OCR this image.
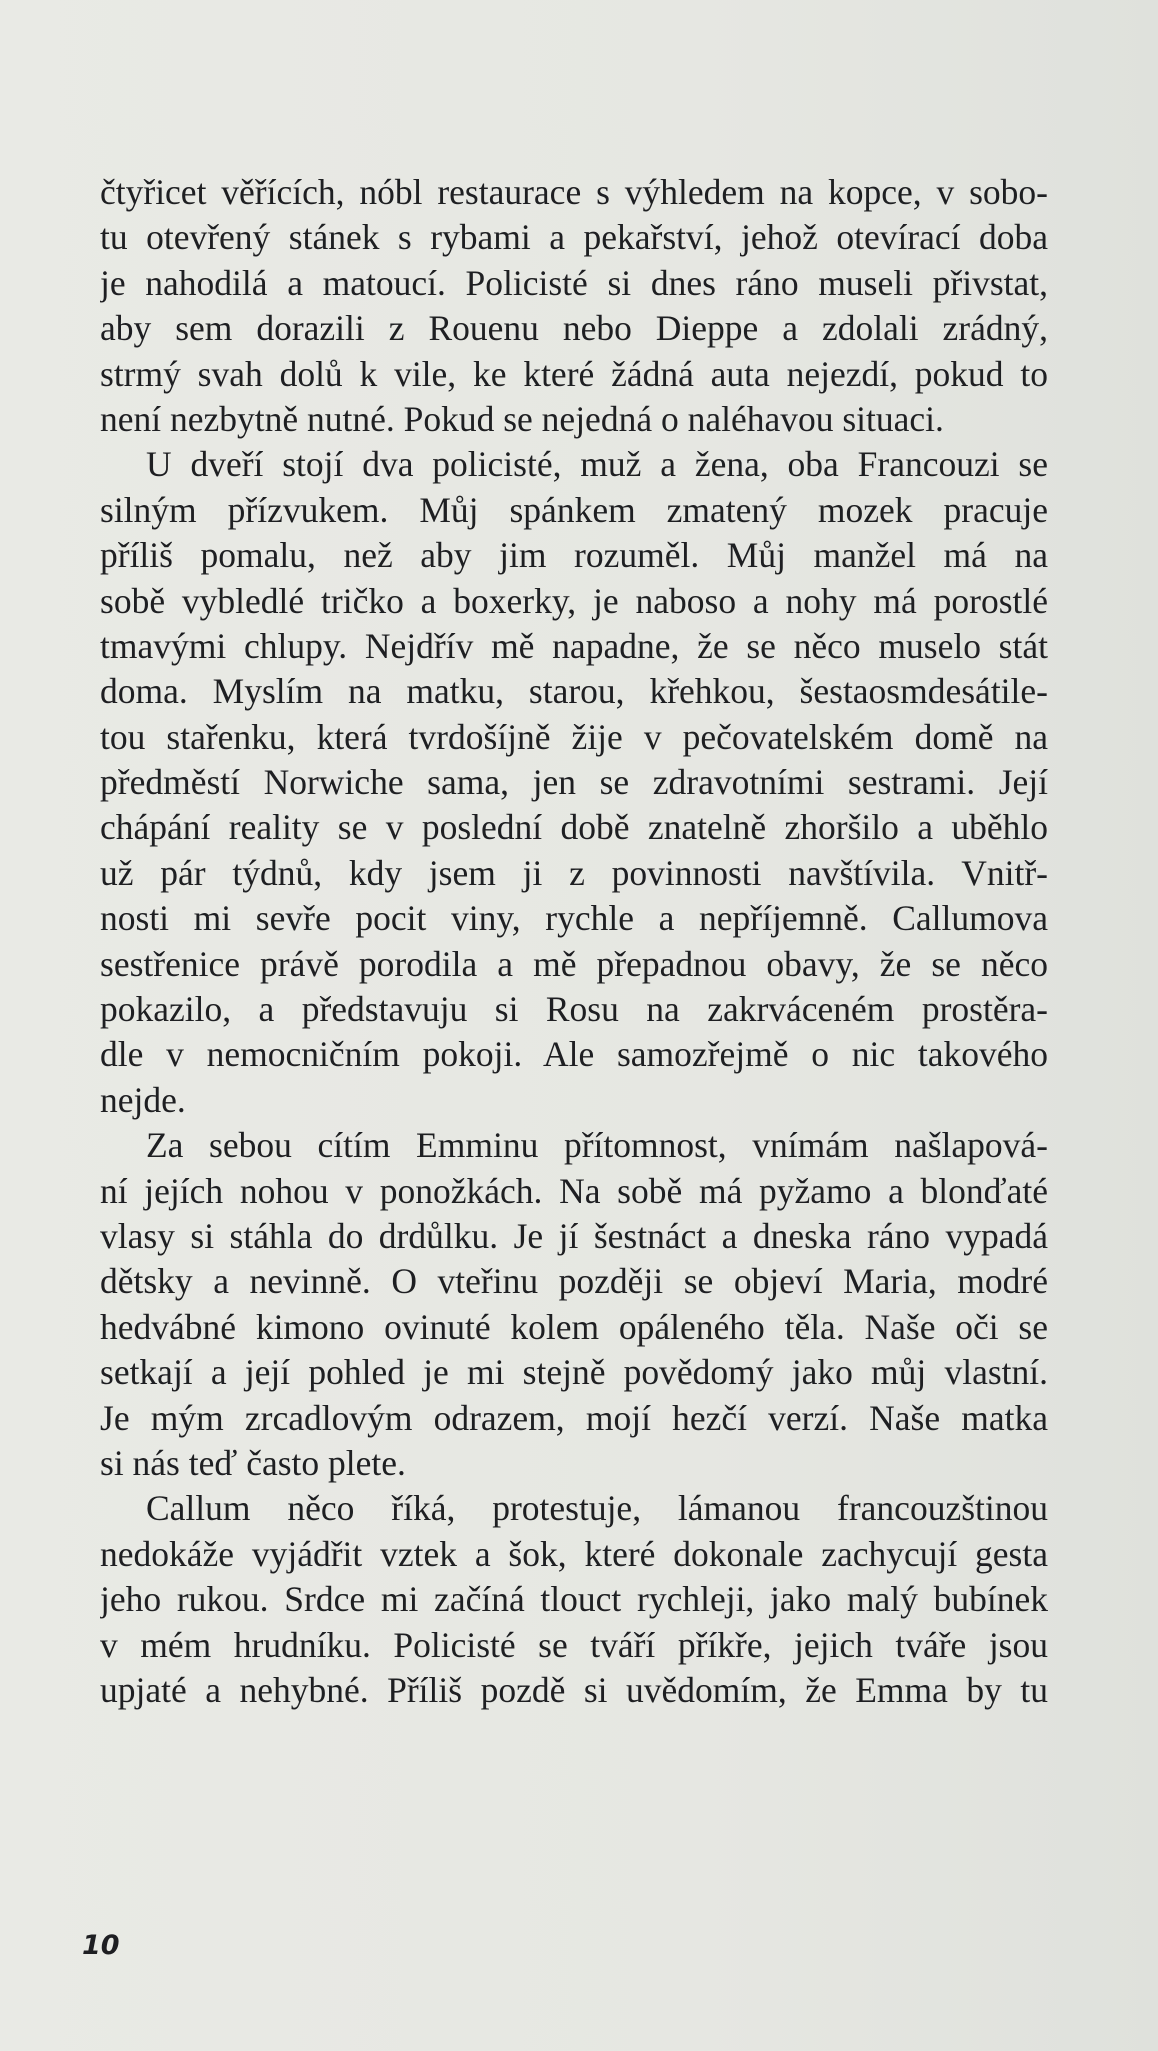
čtyřicet věřících, nóbl restaurace s výhledem na kopce, v sobo-
tu otevřený stánek s rybami a pekařství, jehož otevírací doba
je nahodilá a matoucí. Policisté si dnes ráno museli přivstat,
aby sem dorazili z Rouenu nebo Dieppe a zdolali zrádný,
strmý svah dolů k vile, ke které žádná auta nejezdí, pokud to
není nezbytně nutné. Pokud se nejedná o naléhavou situaci.
U dveří stojí dva policisté, muž a žena, oba Francouzi se
silným přízvukem. Můj spánkem zmatený mozek pracuje
příliš pomalu, než aby jim rozuměl. Můj manžel má na
sobě vybledlé tričko a boxerky, je naboso a nohy má porostlé
tmavými chlupy. Nejdřív mě napadne, že se něco muselo stát
doma. Myslím na matku, starou, křehkou, šestaosmdesátile-
tou stařenku, která tvrdošíjně žije v pečovatelském domě na
předměstí Norwiche sama, jen se zdravotními sestrami. Její
chápání reality se v poslední době znatelně zhoršilo a uběhlo
už pár týdnů, kdy jsem ji z povinnosti navštívila. Vnitř-
nosti mi sevře pocit viny, rychle a nepříjemně. Callumova
sestřenice právě porodila a mě přepadnou obavy, že se něco
pokazilo, a představuju si Rosu na zakrváceném prostěra-
dle v nemocničním pokoji. Ale samozřejmě o nic takového
nejde.
Za sebou cítím Emminu přítomnost, vnímám našlapová-
ní jejích nohou v ponožkách. Na sobě má pyžamo a blonďaté
vlasy si stáhla do drdůlku. Je jí šestnáct a dneska ráno vypadá
dětsky a nevinně. O vteřinu později se objeví Maria, modré
hedvábné kimono ovinuté kolem opáleného těla. Naše oči se
setkají a její pohled je mi stejně povědomý jako můj vlastní.
Je mým zrcadlovým odrazem, mojí hezčí verzí. Naše matka
si nás teď často plete.
Callum něco říká, protestuje, lámanou francouzštinou
nedokáže vyjádřit vztek a šok, které dokonale zachycují gesta
jeho rukou. Srdce mi začíná tlouct rychleji, jako malý bubínek
v mém hrudníku. Policisté se tváří příkře, jejich tváře jsou
upjaté a nehybné. Příliš pozdě si uvědomím, že Emma by tu
10
